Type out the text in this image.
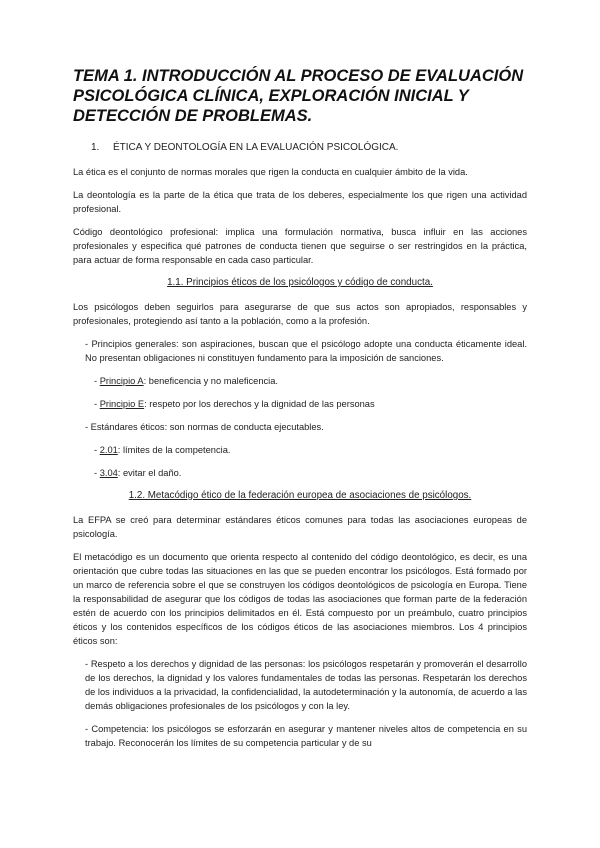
TEMA 1. INTRODUCCIÓN AL PROCESO DE EVALUACIÓN
PSICOLÓGICA CLÍNICA, EXPLORACIÓN INICIAL Y
DETECCIÓN DE PROBLEMAS.
1. ÉTICA Y DEONTOLOGÍA EN LA EVALUACIÓN PSICOLÓGICA.

La ética es el conjunto de normas morales que rigen la conducta en cualquier ámbito de la vida.

La deontología es la parte de la ética que trata de los deberes, especialmente los que rigen una actividad profesional.

Código deontológico profesional: implica una formulación normativa, busca influir en las acciones profesionales y especifica qué patrones de conducta tienen que seguirse o ser restringidos en la práctica, para actuar de forma responsable en cada caso particular.

1.1. Principios éticos de los psicólogos y código de conducta.

Los psicólogos deben seguirlos para asegurarse de que sus actos son apropiados, responsables y profesionales, protegiendo así tanto a la población, como a la profesión.

- Principios generales: son aspiraciones, buscan que el psicólogo adopte una conducta éticamente ideal. No presentan obligaciones ni constituyen fundamento para la imposición de sanciones.

- Principio A: beneficencia y no maleficencia.

- Principio E: respeto por los derechos y la dignidad de las personas

- Estándares éticos: son normas de conducta ejecutables.

- 2.01: límites de la competencia.

- 3.04: evitar el daño.

1.2. Metacódigo ético de la federación europea de asociaciones de psicólogos.

La EFPA se creó para determinar estándares éticos comunes para todas las asociaciones europeas de psicología.

El metacódigo es un documento que orienta respecto al contenido del código deontológico, es decir, es una orientación que cubre todas las situaciones en las que se pueden encontrar los psicólogos. Está formado por un marco de referencia sobre el que se construyen los códigos deontológicos de psicología en Europa. Tiene la responsabilidad de asegurar que los códigos de todas las asociaciones que forman parte de la federación estén de acuerdo con los principios delimitados en él. Está compuesto por un preámbulo, cuatro principios éticos y los contenidos específicos de los códigos éticos de las asociaciones miembros. Los 4 principios éticos son:

- Respeto a los derechos y dignidad de las personas: los psicólogos respetarán y promoverán el desarrollo de los derechos, la dignidad y los valores fundamentales de todas las personas. Respetarán los derechos de los individuos a la privacidad, la confidencialidad, la autodeterminación y la autonomía, de acuerdo a las demás obligaciones profesionales de los psicólogos y con la ley.

- Competencia: los psicólogos se esforzarán en asegurar y mantener niveles altos de competencia en su trabajo. Reconocerán los límites de su competencia particular y de su
